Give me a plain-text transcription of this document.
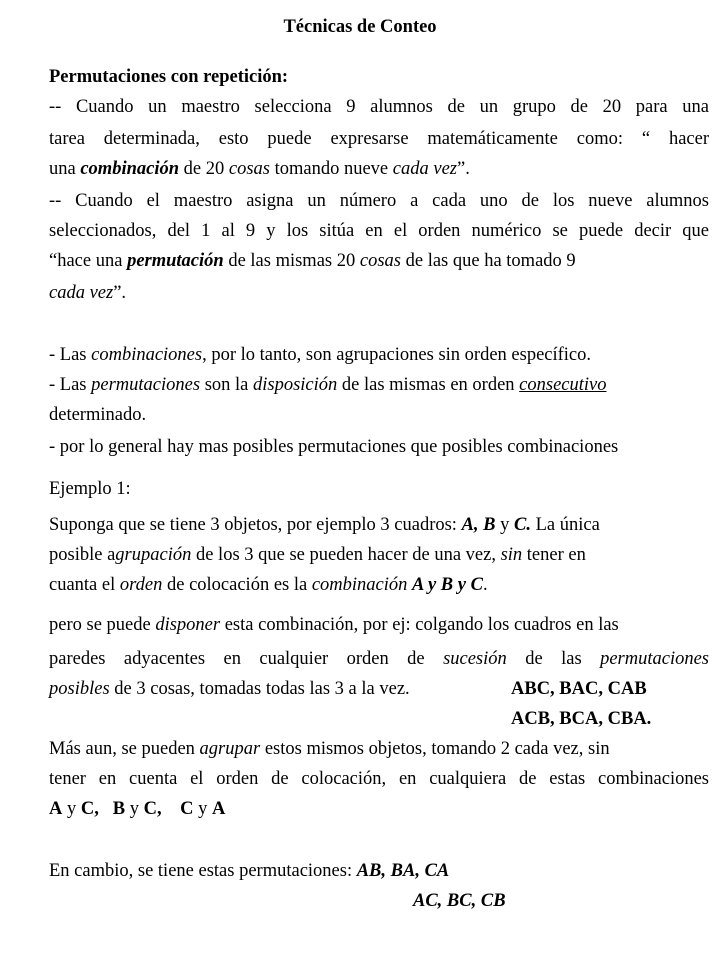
Técnicas de Conteo
Permutaciones con repetición:
-- Cuando un maestro selecciona 9 alumnos de un grupo de 20 para una
tarea determinada, esto puede expresarse matemáticamente como: “ hacer
una combinación de 20 cosas tomando nueve cada vez”.
-- Cuando el maestro asigna un número a cada uno de los nueve alumnos
seleccionados, del 1 al 9 y los sitúa en el orden numérico se puede decir que
“hace una permutación de las mismas 20 cosas de las que ha tomado 9
cada vez”.
- Las combinaciones, por lo tanto, son agrupaciones sin orden específico.
- Las permutaciones son la disposición de las mismas en orden consecutivo
determinado.
- por lo general hay mas posibles permutaciones que posibles combinaciones
Ejemplo 1:
Suponga que se tiene 3 objetos, por ejemplo 3 cuadros: A, B y C. La única
posible agrupación de los 3 que se pueden hacer de una vez, sin tener en
cuanta el orden de colocación es la combinación A y B y C.
pero se puede disponer esta combinación, por ej: colgando los cuadros en las
paredes adyacentes en cualquier orden de sucesión de las permutaciones
posibles de 3 cosas, tomadas todas las 3 a la vez.	ABC, BAC, CAB
ACB, BCA, CBA.
Más aun, se pueden agrupar estos mismos objetos, tomando 2 cada vez, sin
tener en cuenta el orden de colocación, en cualquiera de estas combinaciones
A y C, B y C, C y A
En cambio, se tiene estas permutaciones: AB, BA, CA
AC, BC, CB
